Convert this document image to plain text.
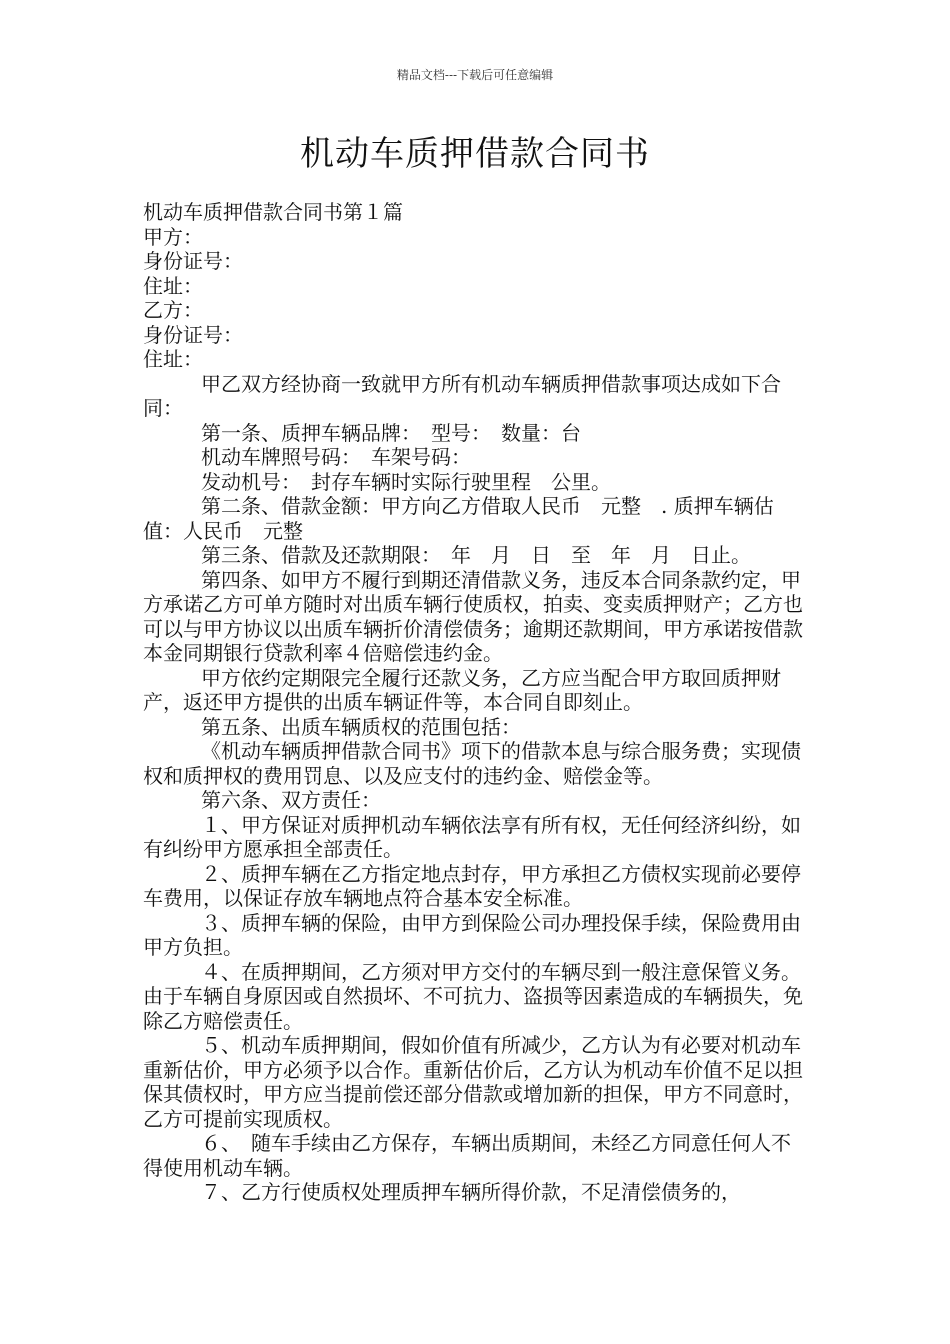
精品文档---下载后可任意编辑
机动车质押借款合同书

机动车质押借款合同书第１篇

甲方：

身份证号：

住址：

乙方：

身份证号：

住址：

甲乙双方经协商一致就甲方所有机动车辆质押借款事项达成如下合同：

第一条、质押车辆品牌：　型号：　数量：台

机动车牌照号码：　车架号码：

发动机号：　封存车辆时实际行驶里程　公里。

第二条、借款金额：甲方向乙方借取人民币　元整　. 质押车辆估值：人民币　元整

第三条、借款及还款期限：　年　月　日　至　年　月　日止。

第四条、如甲方不履行到期还清借款义务，违反本合同条款约定，甲方承诺乙方可单方随时对出质车辆行使质权，拍卖、变卖质押财产；乙方也可以与甲方协议以出质车辆折价清偿债务；逾期还款期间，甲方承诺按借款本金同期银行贷款利率４倍赔偿违约金。

甲方依约定期限完全履行还款义务，乙方应当配合甲方取回质押财产，返还甲方提供的出质车辆证件等，本合同自即刻止。

第五条、出质车辆质权的范围包括：

《机动车辆质押借款合同书》项下的借款本息与综合服务费；实现债权和质押权的费用罚息、以及应支付的违约金、赔偿金等。

第六条、双方责任：

１、甲方保证对质押机动车辆依法享有所有权，无任何经济纠纷，如有纠纷甲方愿承担全部责任。

２、质押车辆在乙方指定地点封存，甲方承担乙方债权实现前必要停车费用，以保证存放车辆地点符合基本安全标准。

３、质押车辆的保险，由甲方到保险公司办理投保手续，保险费用由甲方负担。

４、在质押期间，乙方须对甲方交付的车辆尽到一般注意保管义务。由于车辆自身原因或自然损坏、不可抗力、盗损等因素造成的车辆损失，免除乙方赔偿责任。

５、机动车质押期间，假如价值有所减少，乙方认为有必要对机动车重新估价，甲方必须予以合作。重新估价后，乙方认为机动车价值不足以担保其债权时，甲方应当提前偿还部分借款或增加新的担保，甲方不同意时，乙方可提前实现质权。

６、　随车手续由乙方保存，车辆出质期间，未经乙方同意任何人不得使用机动车辆。

７、乙方行使质权处理质押车辆所得价款，不足清偿债务的，
